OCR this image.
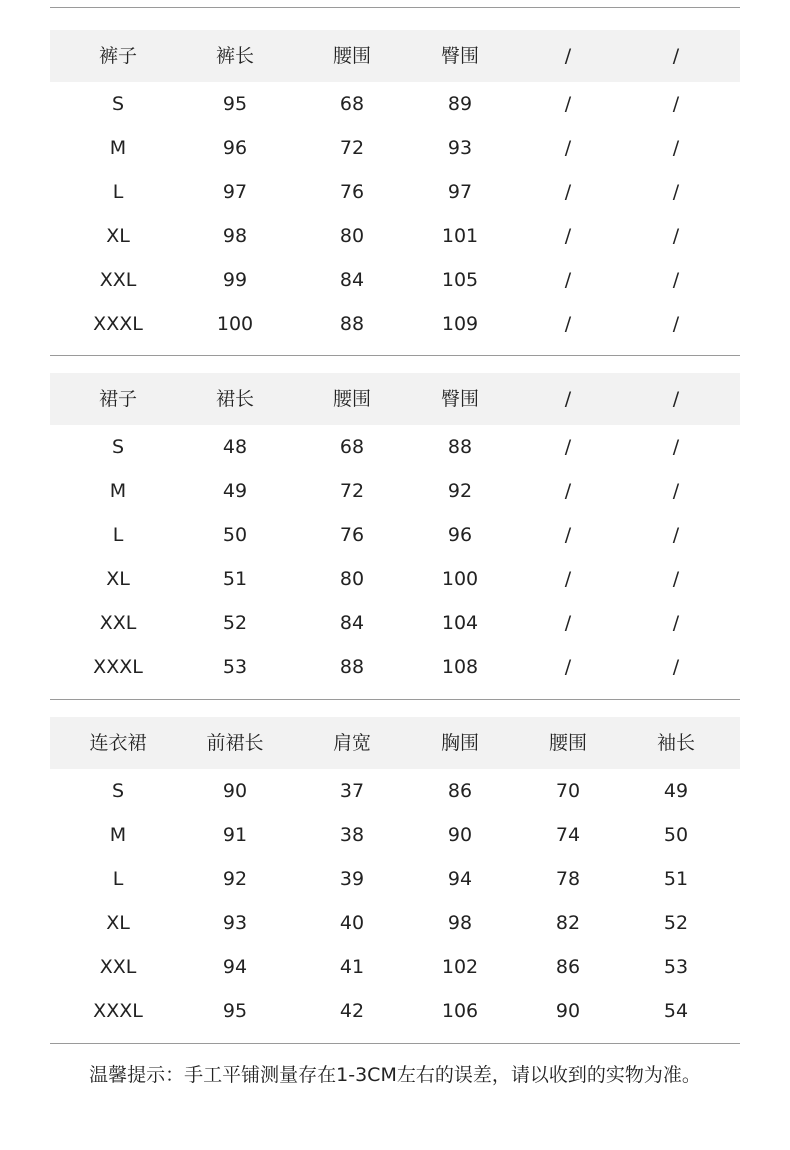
裤子	裤长	腰围	臀围	/	/
S	95	68	89	/	/
M	96	72	93	/	/
L	97	76	97	/	/
XL	98	80	101	/	/
XXL	99	84	105	/	/
XXXL	100	88	109	/	/
裙子	裙长	腰围	臀围	/	/
S	48	68	88	/	/
M	49	72	92	/	/
L	50	76	96	/	/
XL	51	80	100	/	/
XXL	52	84	104	/	/
XXXL	53	88	108	/	/
连衣裙	前裙长	肩宽	胸围	腰围	袖长
S	90	37	86	70	49
M	91	38	90	74	50
L	92	39	94	78	51
XL	93	40	98	82	52
XXL	94	41	102	86	53
XXXL	95	42	106	90	54
温馨提示：手工平铺测量存在1-3CM左右的误差，请以收到的实物为准。
